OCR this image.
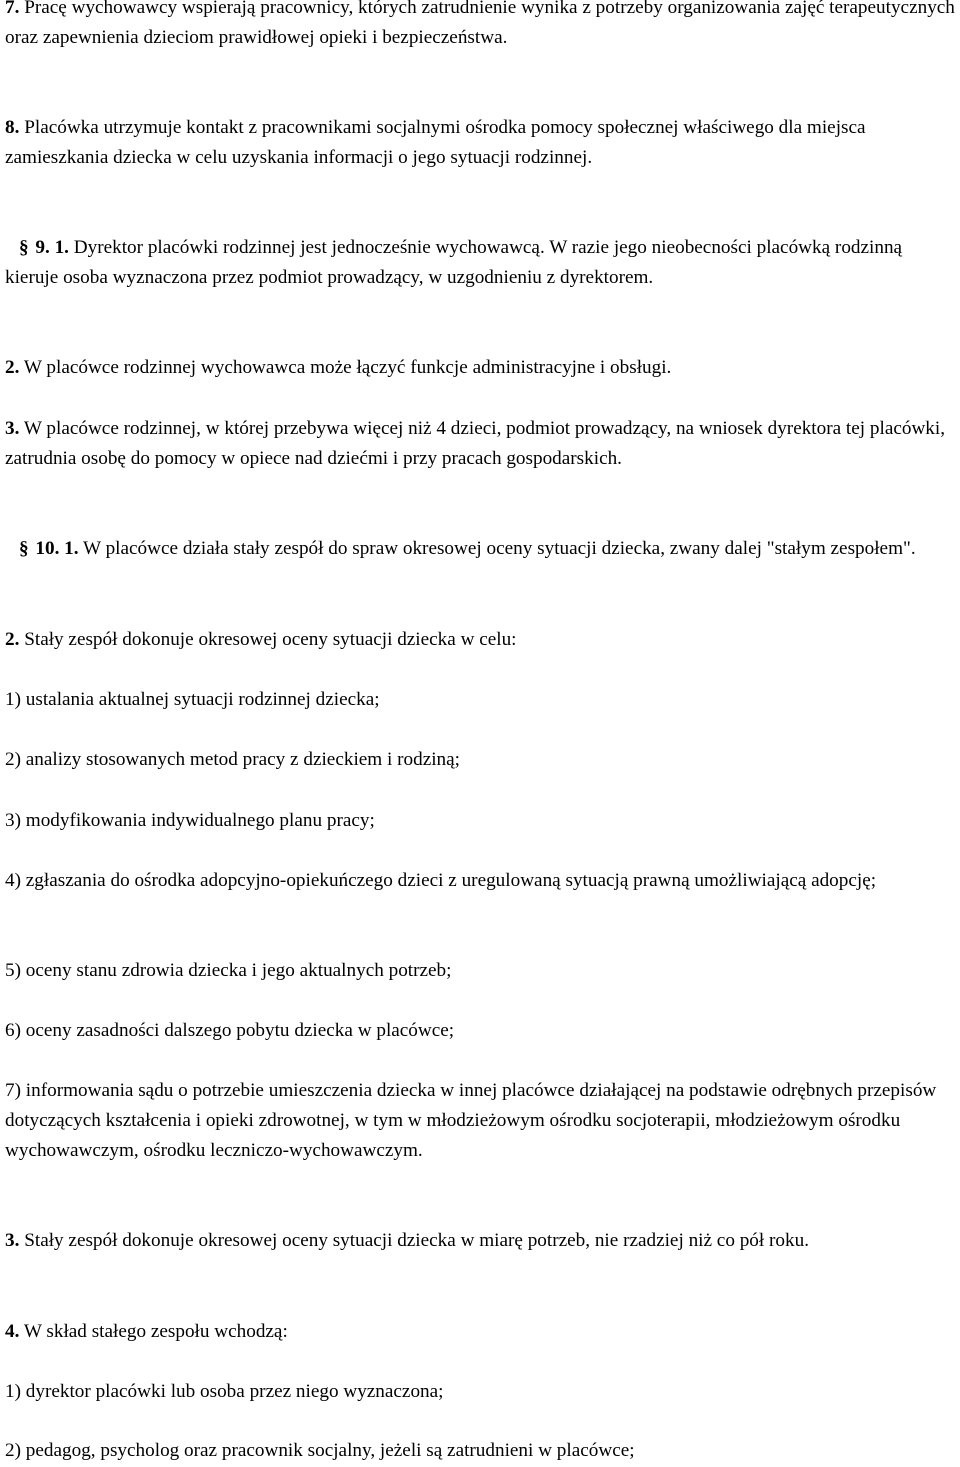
7. Pracę wychowawcy wspierają pracownicy, których zatrudnienie wynika z potrzeby organizowania zajęć terapeutycznych oraz zapewnienia dzieciom prawidłowej opieki i bezpieczeństwa.

8. Placówka utrzymuje kontakt z pracownikami socjalnymi ośrodka pomocy społecznej właściwego dla miejsca zamieszkania dziecka w celu uzyskania informacji o jego sytuacji rodzinnej.

§ 9. 1. Dyrektor placówki rodzinnej jest jednocześnie wychowawcą. W razie jego nieobecności placówką rodzinną kieruje osoba wyznaczona przez podmiot prowadzący, w uzgodnieniu z dyrektorem.

2. W placówce rodzinnej wychowawca może łączyć funkcje administracyjne i obsługi.

3. W placówce rodzinnej, w której przebywa więcej niż 4 dzieci, podmiot prowadzący, na wniosek dyrektora tej placówki, zatrudnia osobę do pomocy w opiece nad dziećmi i przy pracach gospodarskich.

§ 10. 1. W placówce działa stały zespół do spraw okresowej oceny sytuacji dziecka, zwany dalej "stałym zespołem".

2. Stały zespół dokonuje okresowej oceny sytuacji dziecka w celu:

1) ustalania aktualnej sytuacji rodzinnej dziecka;

2) analizy stosowanych metod pracy z dzieckiem i rodziną;

3) modyfikowania indywidualnego planu pracy;

4) zgłaszania do ośrodka adopcyjno-opiekuńczego dzieci z uregulowaną sytuacją prawną umożliwiającą adopcję;

5) oceny stanu zdrowia dziecka i jego aktualnych potrzeb;

6) oceny zasadności dalszego pobytu dziecka w placówce;

7) informowania sądu o potrzebie umieszczenia dziecka w innej placówce działającej na podstawie odrębnych przepisów dotyczących kształcenia i opieki zdrowotnej, w tym w młodzieżowym ośrodku socjoterapii, młodzieżowym ośrodku wychowawczym, ośrodku leczniczo-wychowawczym.

3. Stały zespół dokonuje okresowej oceny sytuacji dziecka w miarę potrzeb, nie rzadziej niż co pół roku.

4. W skład stałego zespołu wchodzą:

1) dyrektor placówki lub osoba przez niego wyznaczona;

2) pedagog, psycholog oraz pracownik socjalny, jeżeli są zatrudnieni w placówce;
